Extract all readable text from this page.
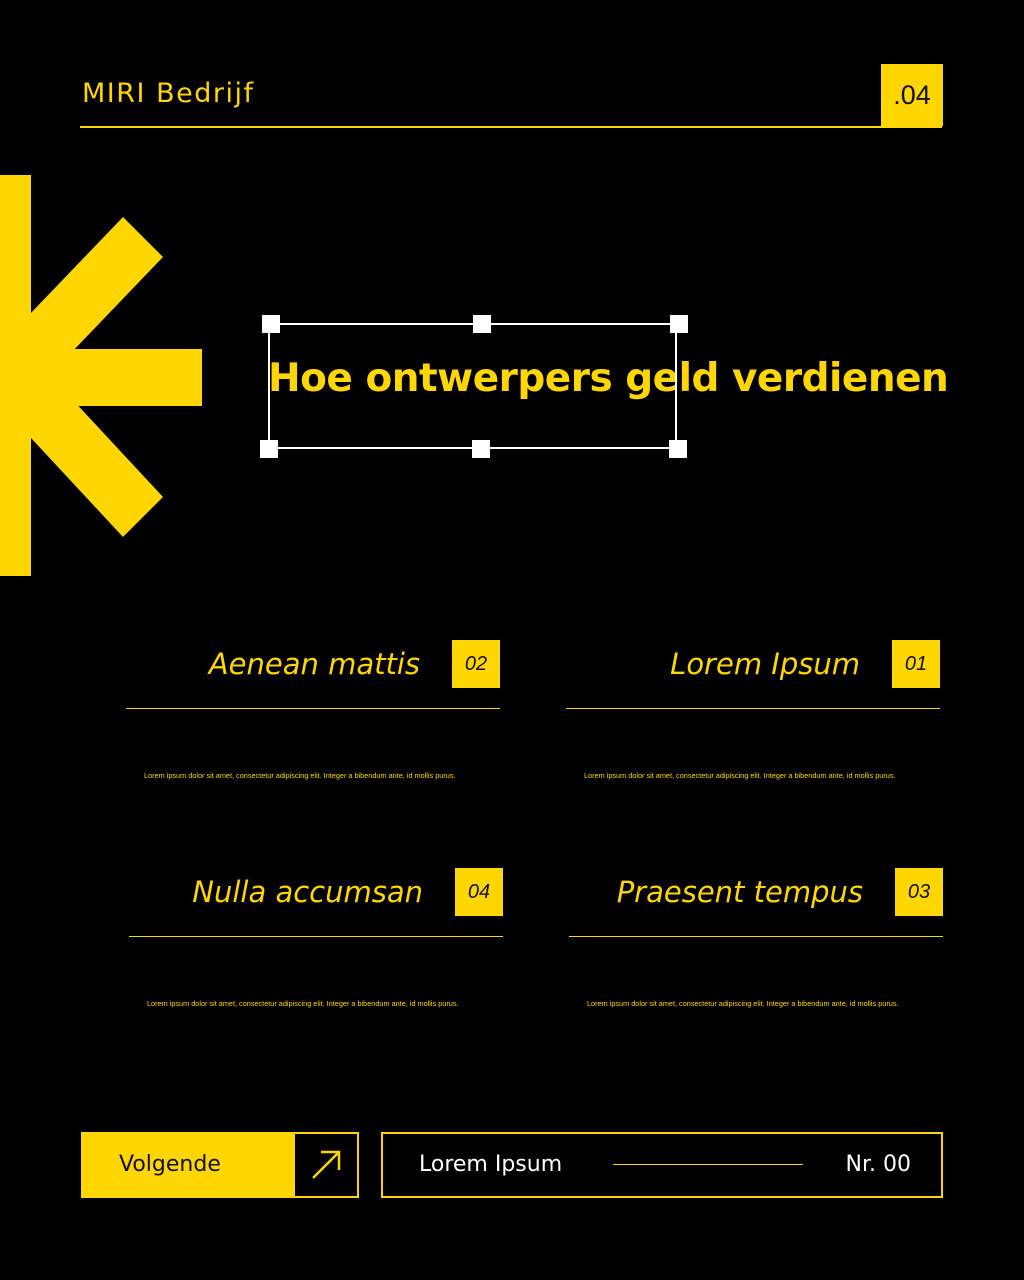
MIRI Bedrijf	.04
Hoe ontwerpers geld verdienen
Aenean mattis	02
Lorem ipsum dolor sit amet, consectetur adipiscing elit. Integer a bibendum ante, id mollis purus.
Lorem Ipsum	01
Lorem ipsum dolor sit amet, consectetur adipiscing elit. Integer a bibendum ante, id mollis purus.
Nulla accumsan	04
Lorem ipsum dolor sit amet, consectetur adipiscing elit. Integer a bibendum ante, id mollis purus.
Praesent tempus	03
Lorem ipsum dolor sit amet, consectetur adipiscing elit. Integer a bibendum ante, id mollis purus.
Volgende	Lorem Ipsum	Nr. 00
